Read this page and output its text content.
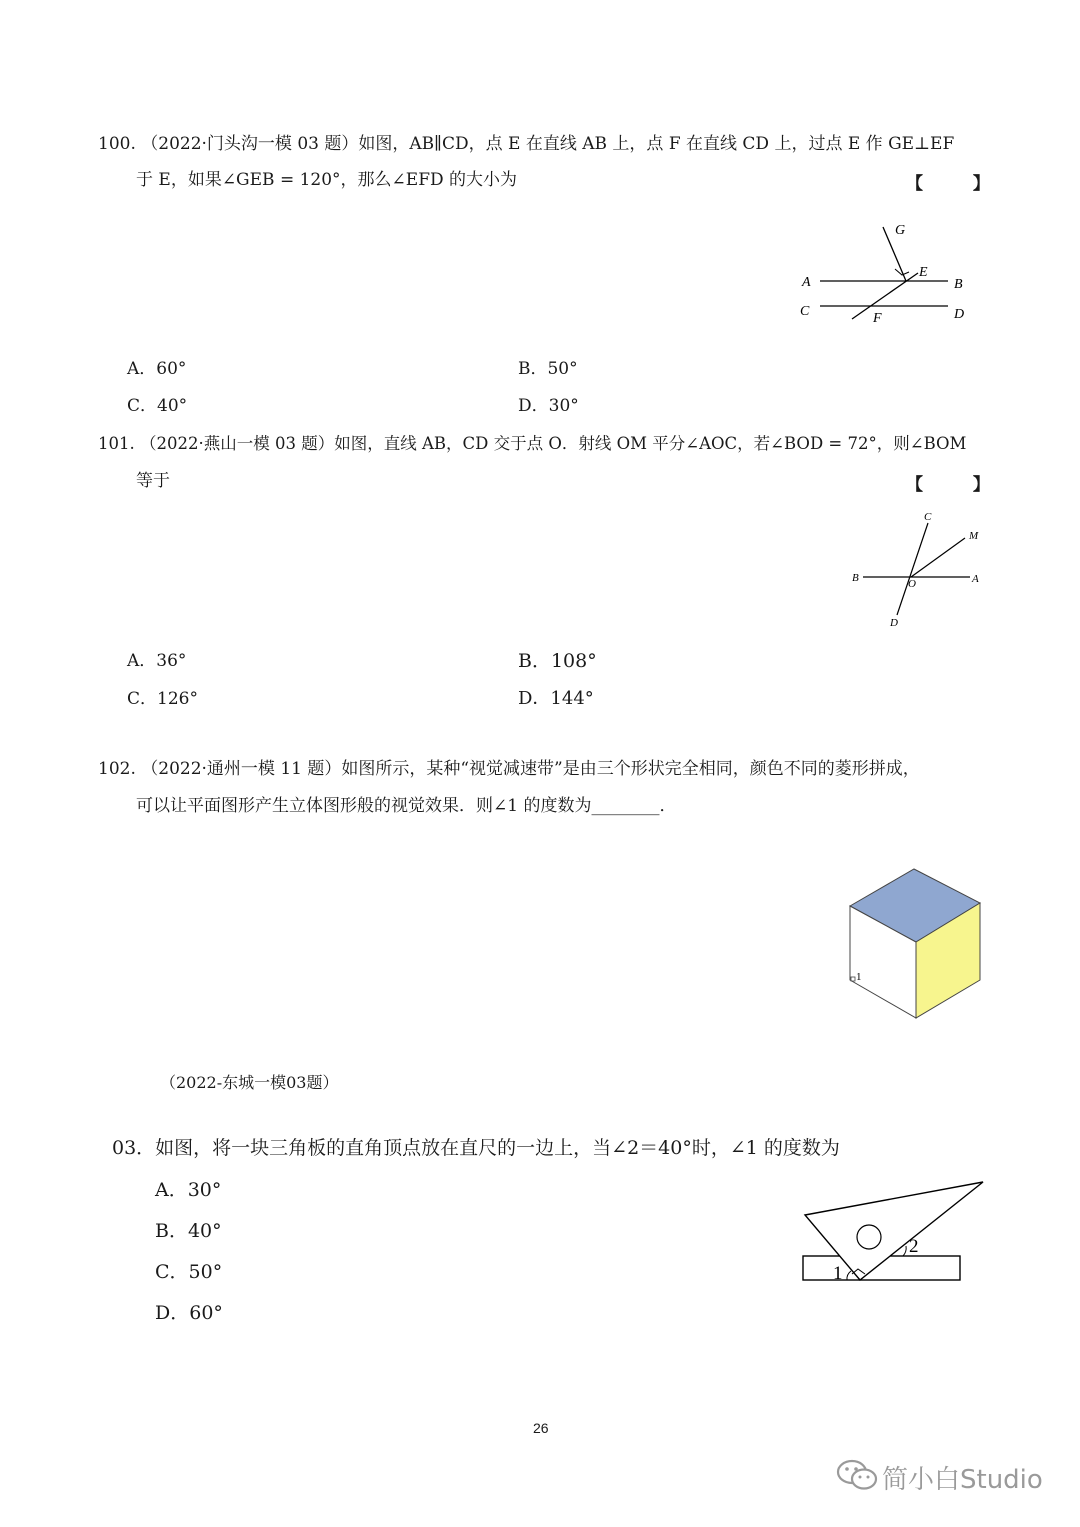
100. （2022·门头沟一模 03 题）如图，AB∥CD，点 E 在直线 AB 上，点 F 在直线 CD 上，过点 E 作 GE⊥EF
于 E，如果∠GEB = 120°，那么∠EFD 的大小为	【 】
G
E
A	B
C	F	D
A．60°	B．50°
C．40°	D．30°
101. （2022·燕山一模 03 题）如图，直线 AB，CD 交于点 O．射线 OM 平分∠AOC，若∠BOD = 72°，则∠BOM
等于	【 】
C
M
B	O	A
D
A．36°	B．108°
C．126°	D．144°
102. （2022·通州一模 11 题）如图所示，某种“视觉减速带”是由三个形状完全相同，颜色不同的菱形拼成，
可以让平面图形产生立体图形般的视觉效果．则∠1 的度数为________．
1
（2022-东城一模03题）
03．如图，将一块三角板的直角顶点放在直尺的一边上，当∠2＝40°时，∠1 的度数为
A．30°
B．40°
C．50°
D．60°
1
2
26
简小白Studio
